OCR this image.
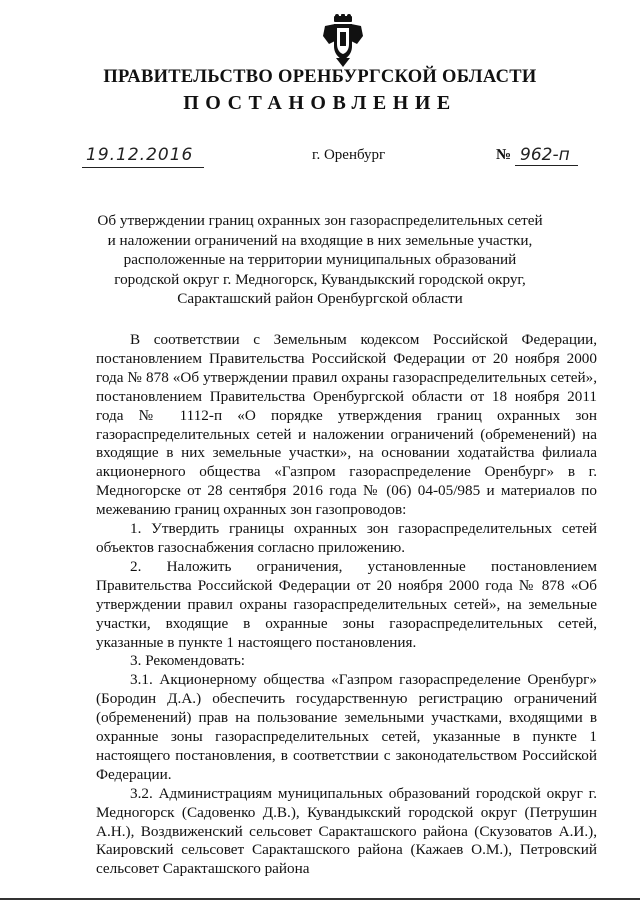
ПРАВИТЕЛЬСТВО ОРЕНБУРГСКОЙ ОБЛАСТИ
ПОСТАНОВЛЕНИЕ
19.12.2016	г. Оренбург	№ 962-п
Об утверждении границ охранных зон газораспределительных сетей
и наложении ограничений на входящие в них земельные участки,
расположенные на территории муниципальных образований
городской округ г. Медногорск, Кувандыкский городской округ,
Саракташский район Оренбургской области

В соответствии с Земельным кодексом Российской Федерации, постановлением Правительства Российской Федерации от 20 ноября 2000 года № 878 «Об утверждении правил охраны газораспределительных сетей», постановлением Правительства Оренбургской области от 18 ноября 2011 года № 1112-п «О порядке утверждения границ охранных зон газораспределительных сетей и наложении ограничений (обременений) на входящие в них земельные участки», на основании ходатайства филиала акционерного общества «Газпром газораспределение Оренбург» в г. Медногорске от 28 сентября 2016 года № (06) 04-05/985 и материалов по межеванию границ охранных зон газопроводов:

1. Утвердить границы охранных зон газораспределительных сетей объектов газоснабжения согласно приложению.

2. Наложить ограничения, установленные постановлением Правительства Российской Федерации от 20 ноября 2000 года № 878 «Об утверждении правил охраны газораспределительных сетей», на земельные участки, входящие в охранные зоны газораспределительных сетей, указанные в пункте 1 настоящего постановления.

3. Рекомендовать:

3.1. Акционерному общества «Газпром газораспределение Оренбург» (Бородин Д.А.) обеспечить государственную регистрацию ограничений (обременений) прав на пользование земельными участками, входящими в охранные зоны газораспределительных сетей, указанные в пункте 1 настоящего постановления, в соответствии с законодательством Российской Федерации.

3.2. Администрациям муниципальных образований городской округ г. Медногорск (Садовенко Д.В.), Кувандыкский городской округ (Петрушин А.Н.), Воздвиженский сельсовет Саракташского района (Скузоватов А.И.), Каировский сельсовет Саракташского района (Кажаев О.М.), Петровский сельсовет Саракташского района
